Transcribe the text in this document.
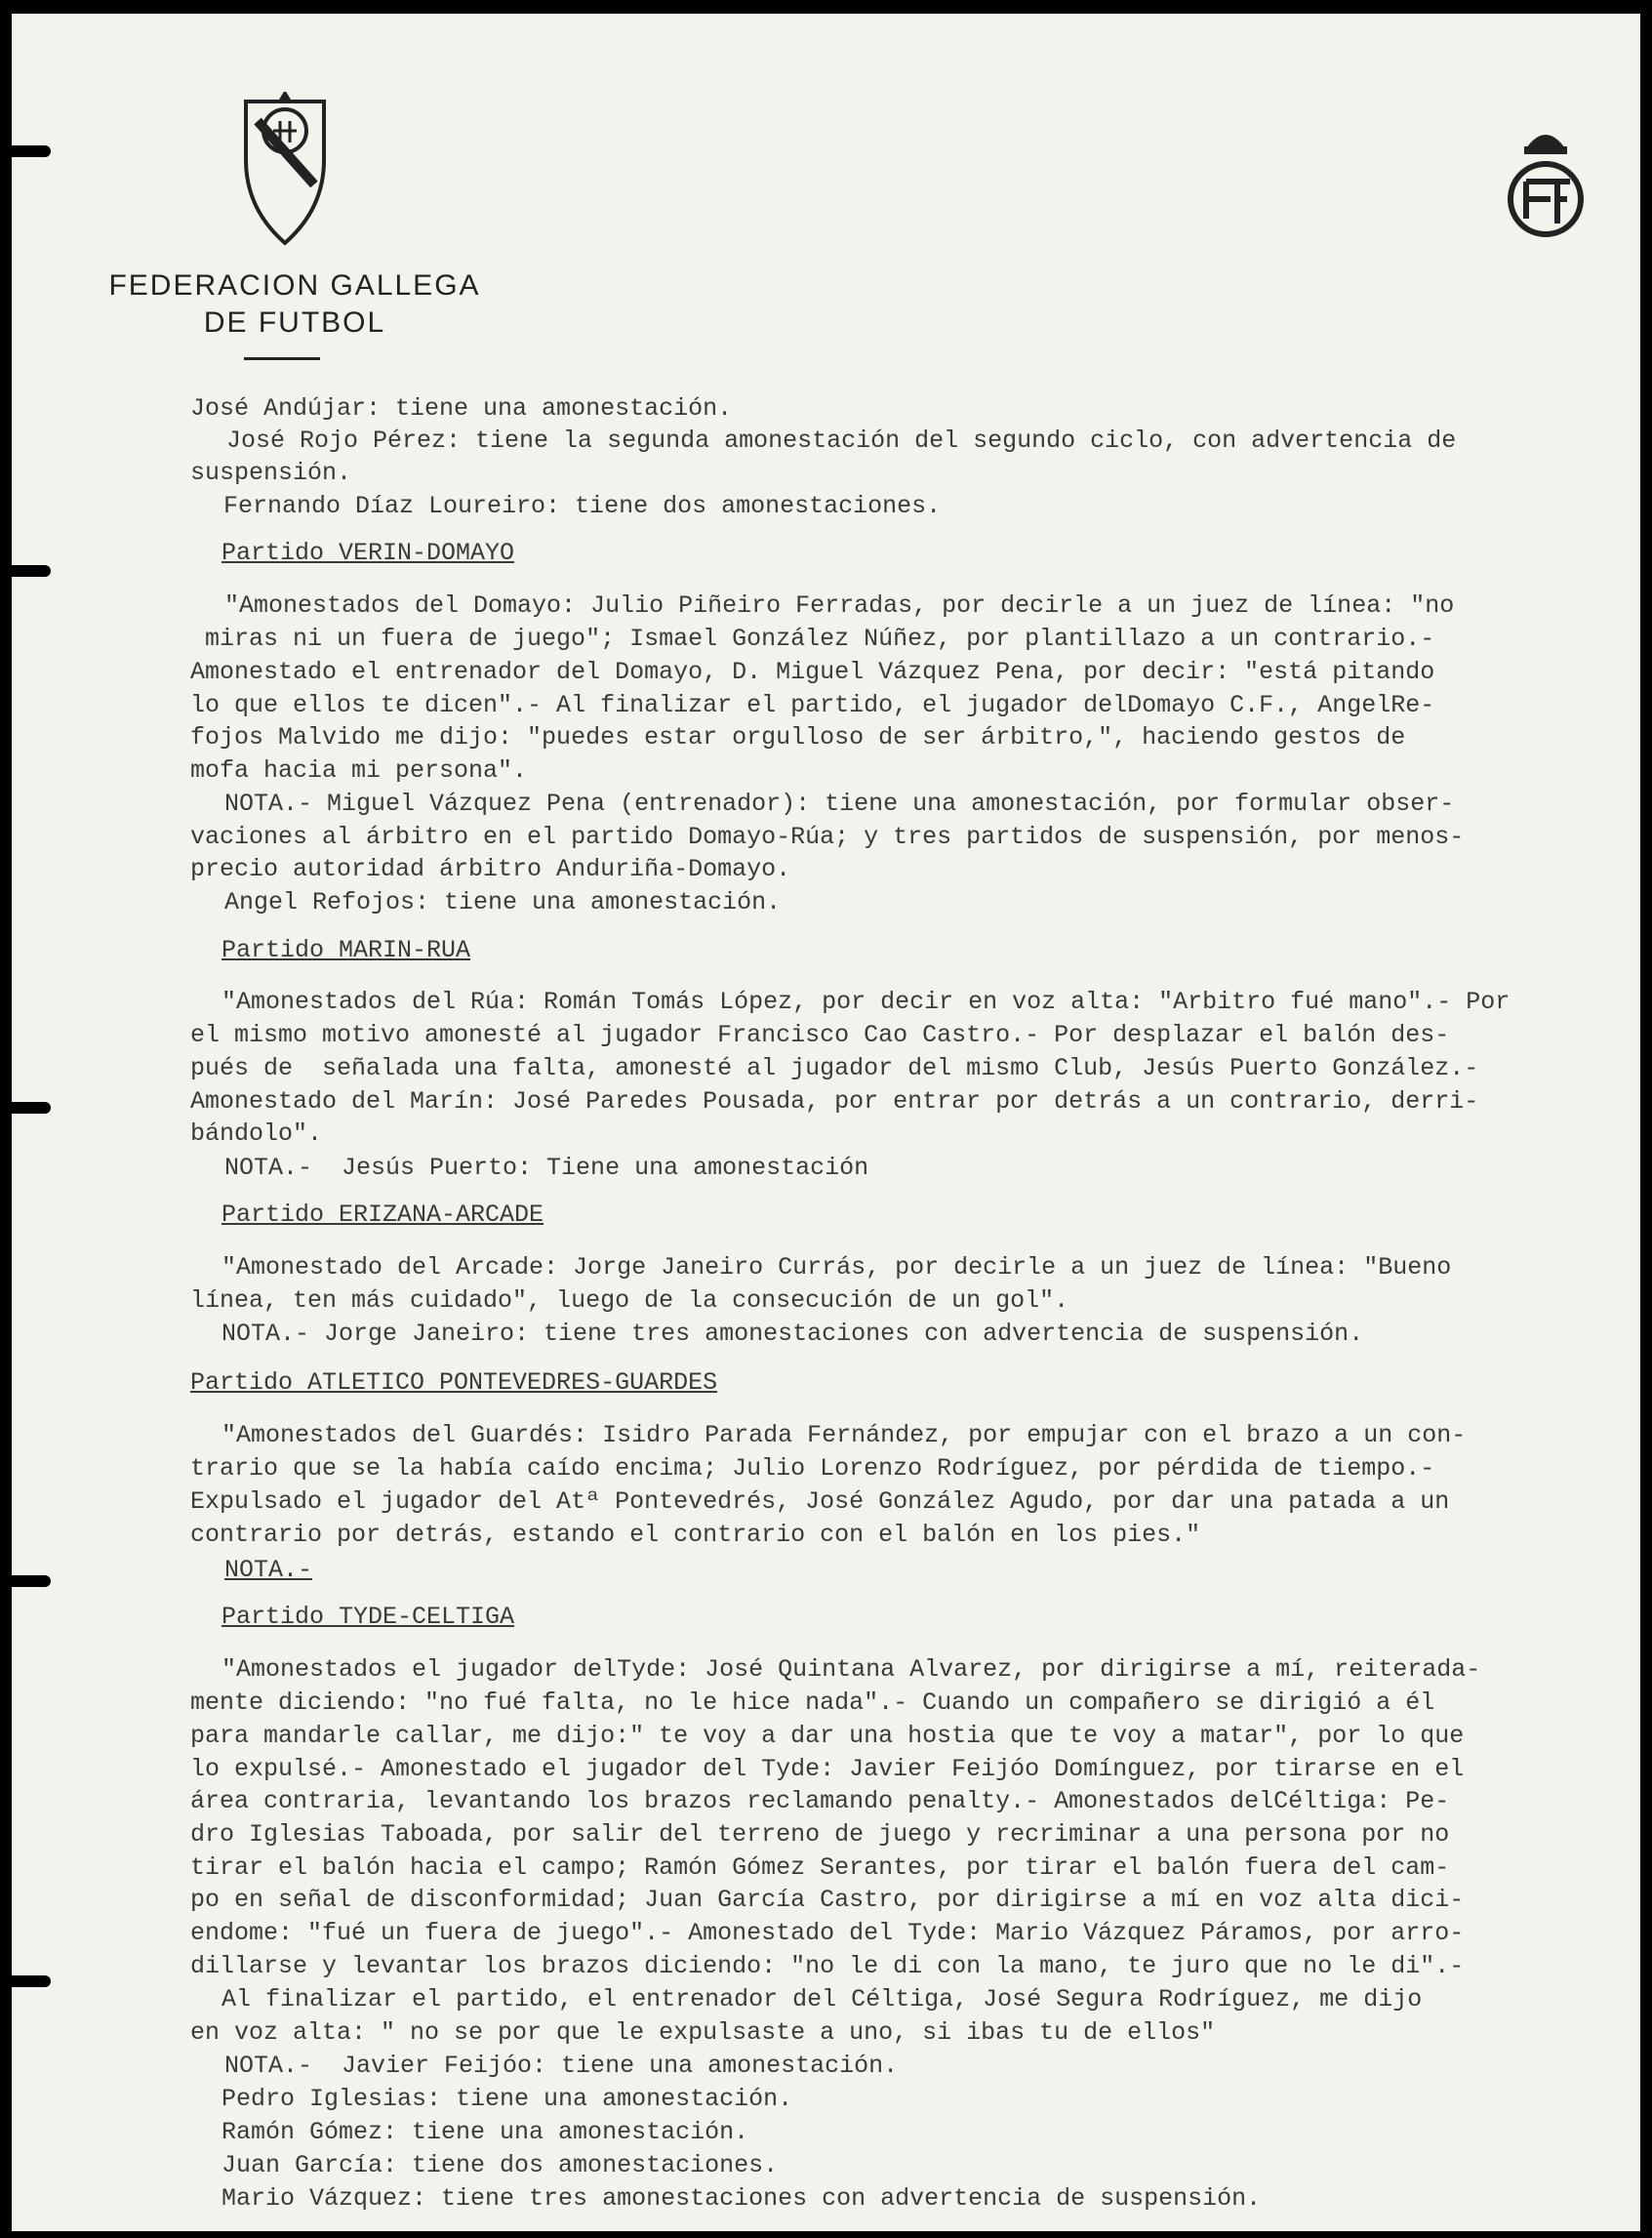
FEDERACION GALLEGA
DE FUTBOL
José Andújar: tiene una amonestación.
José Rojo Pérez: tiene la segunda amonestación del segundo ciclo, con advertencia de
suspensión.
Fernando Díaz Loureiro: tiene dos amonestaciones.
Partido VERIN-DOMAYO
"Amonestados del Domayo: Julio Piñeiro Ferradas, por decirle a un juez de línea: "no
miras ni un fuera de juego"; Ismael González Núñez, por plantillazo a un contrario.-
Amonestado el entrenador del Domayo, D. Miguel Vázquez Pena, por decir: "está pitando
lo que ellos te dicen".- Al finalizar el partido, el jugador delDomayo C.F., AngelRe-
fojos Malvido me dijo: "puedes estar orgulloso de ser árbitro,", haciendo gestos de
mofa hacia mi persona".
NOTA.- Miguel Vázquez Pena (entrenador): tiene una amonestación, por formular obser-
vaciones al árbitro en el partido Domayo-Rúa; y tres partidos de suspensión, por menos-
precio autoridad árbitro Anduriña-Domayo.
Angel Refojos: tiene una amonestación.
Partido MARIN-RUA
"Amonestados del Rúa: Román Tomás López, por decir en voz alta: "Arbitro fué mano".- Por
el mismo motivo amonesté al jugador Francisco Cao Castro.- Por desplazar el balón des-
pués de  señalada una falta, amonesté al jugador del mismo Club, Jesús Puerto González.-
Amonestado del Marín: José Paredes Pousada, por entrar por detrás a un contrario, derri-
bándolo".
NOTA.-  Jesús Puerto: Tiene una amonestación
Partido ERIZANA-ARCADE
"Amonestado del Arcade: Jorge Janeiro Currás, por decirle a un juez de línea: "Bueno
línea, ten más cuidado", luego de la consecución de un gol".
NOTA.- Jorge Janeiro: tiene tres amonestaciones con advertencia de suspensión.
Partido ATLETICO PONTEVEDRES-GUARDES
"Amonestados del Guardés: Isidro Parada Fernández, por empujar con el brazo a un con-
trario que se la había caído encima; Julio Lorenzo Rodríguez, por pérdida de tiempo.-
Expulsado el jugador del Atª Pontevedrés, José González Agudo, por dar una patada a un
contrario por detrás, estando el contrario con el balón en los pies."
NOTA.-
Partido TYDE-CELTIGA
"Amonestados el jugador delTyde: José Quintana Alvarez, por dirigirse a mí, reiterada-
mente diciendo: "no fué falta, no le hice nada".- Cuando un compañero se dirigió a él
para mandarle callar, me dijo:" te voy a dar una hostia que te voy a matar", por lo que
lo expulsé.- Amonestado el jugador del Tyde: Javier Feijóo Domínguez, por tirarse en el
área contraria, levantando los brazos reclamando penalty.- Amonestados delCéltiga: Pe-
dro Iglesias Taboada, por salir del terreno de juego y recriminar a una persona por no
tirar el balón hacia el campo; Ramón Gómez Serantes, por tirar el balón fuera del cam-
po en señal de disconformidad; Juan García Castro, por dirigirse a mí en voz alta dici-
endome: "fué un fuera de juego".- Amonestado del Tyde: Mario Vázquez Páramos, por arro-
dillarse y levantar los brazos diciendo: "no le di con la mano, te juro que no le di".-
Al finalizar el partido, el entrenador del Céltiga, José Segura Rodríguez, me dijo
en voz alta: " no se por que le expulsaste a uno, si ibas tu de ellos"
NOTA.-  Javier Feijóo: tiene una amonestación.
Pedro Iglesias: tiene una amonestación.
Ramón Gómez: tiene una amonestación.
Juan García: tiene dos amonestaciones.
Mario Vázquez: tiene tres amonestaciones con advertencia de suspensión.
